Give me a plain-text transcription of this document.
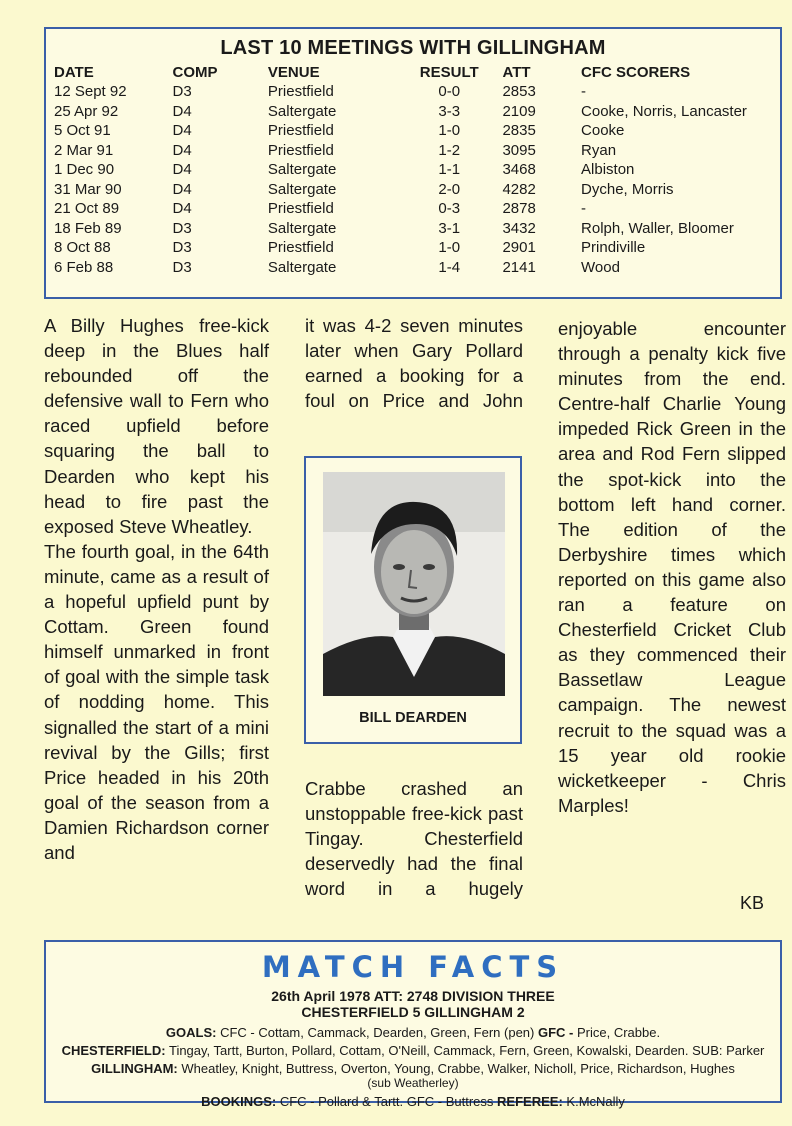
LAST 10 MEETINGS WITH GILLINGHAM
DATE	COMP	VENUE	RESULT	ATT	CFC SCORERS
12 Sept 92	D3	Priestfield	0-0	2853	-
25 Apr 92	D4	Saltergate	3-3	2109	Cooke, Norris, Lancaster
5 Oct 91	D4	Priestfield	1-0	2835	Cooke
2 Mar 91	D4	Priestfield	1-2	3095	Ryan
1 Dec 90	D4	Saltergate	1-1	3468	Albiston
31 Mar 90	D4	Saltergate	2-0	4282	Dyche, Morris
21 Oct 89	D4	Priestfield	0-3	2878	-
18 Feb 89	D3	Saltergate	3-1	3432	Rolph, Waller, Bloomer
8 Oct 88	D3	Priestfield	1-0	2901	Prindiville
6 Feb 88	D3	Saltergate	1-4	2141	Wood

A Billy Hughes free-kick deep in the Blues half rebounded off the defensive wall to Fern who raced upfield before squaring the ball to Dearden who kept his head to fire past the exposed Steve Wheatley.

The fourth goal, in the 64th minute, came as a result of a hopeful upfield punt by Cottam. Green found himself unmarked in front of goal with the simple task of nodding home. This signalled the start of a mini revival by the Gills; first Price headed in his 20th goal of the season from a Damien Richardson corner and

it was 4-2 seven minutes later when Gary Pollard earned a booking for a foul on Price and John

BILL DEARDEN

Crabbe crashed an unstoppable free-kick past Tingay. Chesterfield deservedly had the final word in a hugely

enjoyable encounter through a penalty kick five minutes from the end. Centre-half Charlie Young impeded Rick Green in the area and Rod Fern slipped the spot-kick into the bottom left hand corner. The edition of the Derbyshire times which reported on this game also ran a feature on Chesterfield Cricket Club as they commenced their Bassetlaw League campaign. The newest recruit to the squad was a 15 year old rookie wicketkeeper - Chris Marples!

KB
MATCH FACTS
26th April 1978 ATT: 2748 DIVISION THREE
CHESTERFIELD 5 GILLINGHAM 2
GOALS: CFC - Cottam, Cammack, Dearden, Green, Fern (pen) GFC - Price, Crabbe.
CHESTERFIELD: Tingay, Tartt, Burton, Pollard, Cottam, O'Neill, Cammack, Fern, Green, Kowalski, Dearden. SUB: Parker
GILLINGHAM: Wheatley, Knight, Buttress, Overton, Young, Crabbe, Walker, Nicholl, Price, Richardson, Hughes
(sub Weatherley)
BOOKINGS: CFC - Pollard & Tartt. GFC - Buttress REFEREE: K.McNally
